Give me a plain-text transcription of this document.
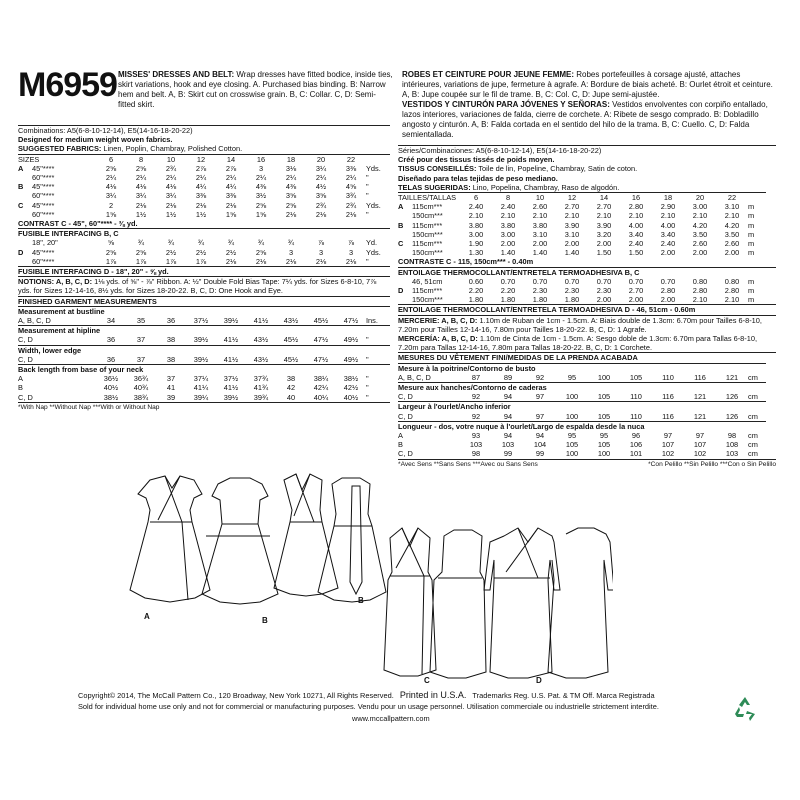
M6959 MISSES' DRESSES AND BELT: Wrap dresses have fitted bodice, inside ties, skirt variations, hook and eye closing. A. Purchased bias binding. B: Narrow hem and belt. A, B: Skirt cut on crosswise grain. B, C: Collar. C, D: Semi-fitted skirt.
ROBES ET CEINTURE POUR JEUNE FEMME: Robes portefeuilles à corsage ajusté, attaches intérieures, variations de jupe, fermeture à agrafe. A: Bordure de biais acheté. B: Ourlet étroit et ceinture. A, B: Jupe coupée sur le fil de trame. B, C: Col. C, D: Jupe semi-ajustée.
VESTIDOS Y CINTURÓN PARA JÓVENES Y SEÑORAS: Vestidos envolventes con corpiño entallado, lazos interiores, variaciones de falda, cierre de corchete. A: Ribete de sesgo comprado. B: Dobladillo angosto y cinturón. A, B: Falda cortada en el sentido del hilo de la trama. B, C: Cuello. C, D: Falda semientallada.
Combinations: A5(6-8-10-12-14), E5(14-16-18-20-22)
Designed for medium weight woven fabrics.
SUGGESTED FABRICS: Linen, Poplin, Chambray, Polished Cotton.
SIZES		6	8	10	12	14	16	18	20	22	
A	45"****	2⅝	2⅝	2¾	2⅞	2⅞	3	3⅛	3¼	3⅜	Yds.
	60"****	2¼	2¼	2¼	2¼	2¼	2¼	2¼	2¼	2¼	"
B	45"****	4⅛	4⅛	4⅛	4¼	4¼	4⅜	4⅜	4½	4⅝	"
	60"****	3¼	3¼	3¼	3⅜	3⅜	3½	3⅝	3⅝	3¾	"
C	45"****	2	2⅛	2⅛	2⅛	2⅛	2⅝	2⅝	2¾	2¾	Yds.
	60"****	1⅝	1½	1½	1½	1⅝	1⅝	2⅛	2⅛	2⅛	"
CONTRAST C - 45", 60"**** - ⅜ yd.
FUSIBLE INTERFACING B, C
	18", 20"	⅝	¾	¾	¾	¾	¾	¾	⅞	⅞	Yd.
D	45"****	2⅝	2⅝	2½	2½	2½	2⅝	3	3	3	Yds.
	60"****	1⅞	1⅞	1⅞	1⅞	2⅛	2⅛	2⅛	2⅛	2⅛	"
FUSIBLE INTERFACING D - 18", 20" - ⅝ yd.
NOTIONS: A, B, C, D: 1⅛ yds. of ⅝" - ⅞" Ribbon. A: ½" Double Fold Bias Tape: 7¼ yds. for Sizes 6-8-10, 7⅞ yds. for Sizes 12-14-16, 8½ yds. for Sizes 18-20-22. B, C, D: One Hook and Eye.
FINISHED GARMENT MEASUREMENTS
Measurement at bustline										
A, B, C, D	34	35	36	37½	39½	41½	43½	45½	47½	Ins.
Measurement at hipline										
C, D	36	37	38	39½	41½	43½	45½	47½	49½	"
Width, lower edge										
C, D	36	37	38	39½	41½	43½	45½	47½	49½	"
Back length from base of your neck										
A	36½	36¾	37	37¼	37½	37¾	38	38¼	38½	"
B	40½	40¾	41	41¼	41½	41¾	42	42¼	42½	"
C, D	38½	38¾	39	39¼	39½	39¾	40	40¼	40½	"
*With Nap **Without Nap ***With or Without Nap
Séries/Combinaciones: A5(6-8-10-12-14), E5(14-16-18-20-22)
Créé pour des tissus tissés de poids moyen.
TISSUS CONSEILLÉS: Toile de lin, Popeline, Chambray, Satin de coton.
Diseñado para telas tejidas de peso mediano.
TELAS SUGERIDAS: Lino, Popelina, Chambray, Raso de algodón.
TAILLES/TALLAS		6	8	10	12	14	16	18	20	22	
A	115cm***	2.40	2.40	2.60	2.70	2.70	2.80	2.90	3.00	3.10	m
	150cm***	2.10	2.10	2.10	2.10	2.10	2.10	2.10	2.10	2.10	m
B	115cm***	3.80	3.80	3.80	3.90	3.90	4.00	4.00	4.20	4.20	m
	150cm***	3.00	3.00	3.10	3.10	3.20	3.40	3.40	3.50	3.50	m
C	115cm***	1.90	2.00	2.00	2.00	2.00	2.40	2.40	2.60	2.60	m
	150cm***	1.30	1.40	1.40	1.40	1.50	1.50	2.00	2.00	2.00	m
CONTRASTE C - 115, 150cm*** - 0.40m
ENTOILAGE THERMOCOLLANT/ENTRETELA TERMOADHESIVA B, C
	46, 51cm	0.60	0.70	0.70	0.70	0.70	0.70	0.70	0.80	0.80	m
D	115cm***	2.20	2.20	2.30	2.30	2.30	2.70	2.80	2.80	2.80	m
	150cm***	1.80	1.80	1.80	1.80	2.00	2.00	2.00	2.10	2.10	m
ENTOILAGE THERMOCOLLANT/ENTRETELA TERMOADHESIVA D - 46, 51cm - 0.60m
MERCERIE: A, B, C, D: 1.10m de Ruban de 1cm - 1.5cm. A: Biais double de 1.3cm: 6.70m pour Tailles 6-8-10, 7.20m pour Tailles 12-14-16, 7.80m pour Tailles 18-20-22. B, C, D: 1 Agrafe.
MERCERÍA: A, B, C, D: 1.10m de Cinta de 1cm - 1.5cm. A: Sesgo doble de 1.3cm: 6.70m para Tallas 6-8-10, 7.20m para Tallas 12-14-16, 7.80m para Tallas 18-20-22. B, C, D: 1 Corchete.
MESURES DU VÊTEMENT FINI/MEDIDAS DE LA PRENDA ACABADA
Mesure à la poitrine/Contorno de busto										
A, B, C, D	87	89	92	95	100	105	110	116	121	cm
Mesure aux hanches/Contorno de caderas										
C, D	92	94	97	100	105	110	116	121	126	cm
Largeur à l'ourlet/Ancho inferior										
C, D	92	94	97	100	105	110	116	121	126	cm
Longueur - dos, votre nuque à l'ourlet/Largo de espalda desde la nuca										
A	93	94	94	95	95	96	97	97	98	cm
B	103	103	104	105	105	106	107	107	108	cm
C, D	98	99	99	100	100	101	102	102	103	cm
*Avec Sens **Sans Sens ***Avec ou Sans Sens	*Con Pelillo **Sin Pelillo ***Con o Sin Pelillo
A	B
B
C	D
Copyright© 2014, The McCall Pattern Co., 120 Broadway, New York 10271, All Rights Reserved. Printed in U.S.A. Trademarks Reg. U.S. Pat. & TM Off. Marca Registrada
Sold for individual home use only and not for commercial or manufacturing purposes. Vendu pour un usage personnel. Utilisation commerciale ou industrielle strictement interdite.
www.mccallpattern.com
